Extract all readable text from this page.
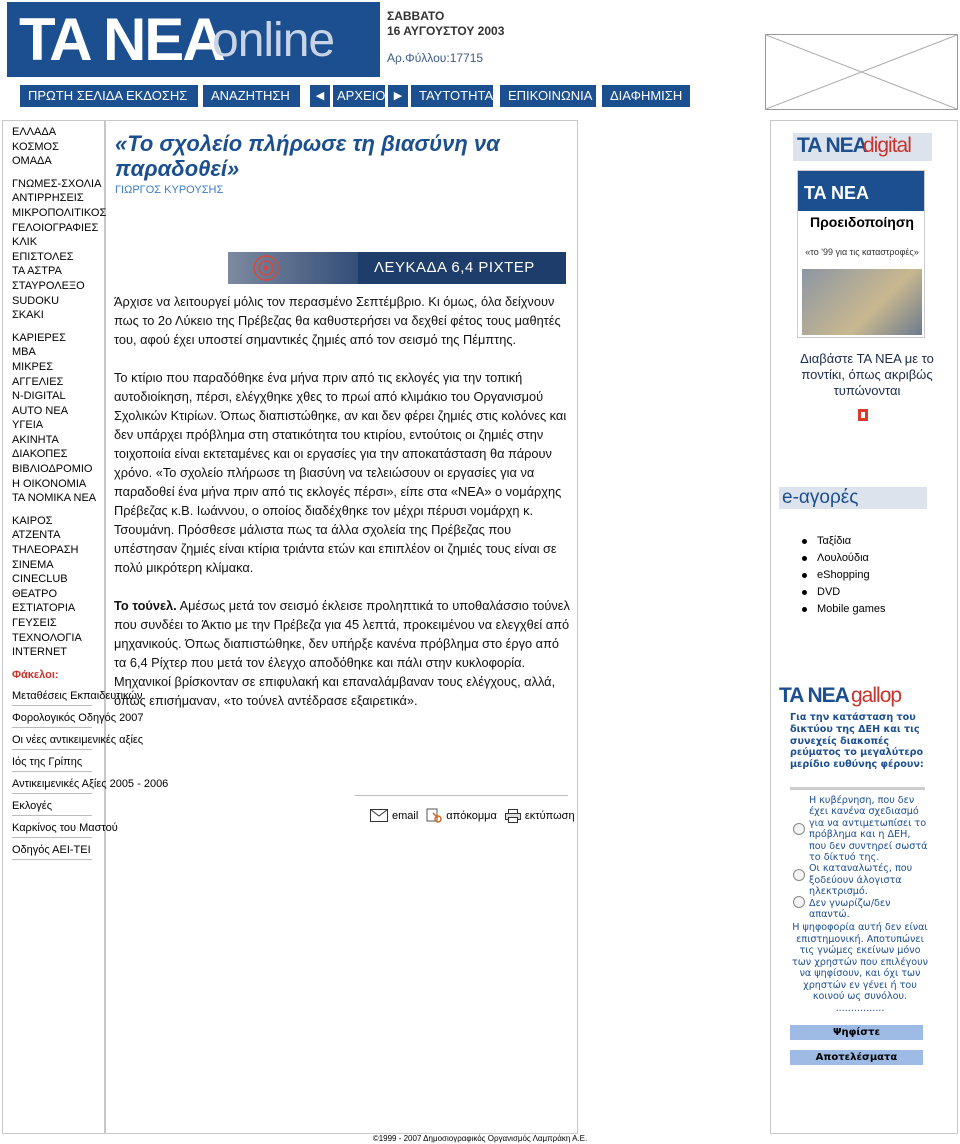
TA NEA
online	ΣΑΒΒΑΤΟ
16 ΑΥΓΟΥΣΤΟΥ 2003
Αρ.Φύλλου:17715
ΠΡΩΤΗ ΣΕΛΙΔΑ ΕΚΔΟΣΗΣ	ΑΝΑΖΗΤΗΣΗ	◀ ΑΡΧΕΙΟ ▶	ΤΑΥΤΟΤΗΤΑ	ΕΠΙΚΟΙΝΩΝΙΑ	ΔΙΑΦΗΜΙΣΗ
ΕΛΛΑΔΑ
ΚΟΣΜΟΣ
ΟΜΑΔΑ
ΓΝΩΜΕΣ-ΣΧΟΛΙΑ
ΑΝΤΙΡΡΗΣΕΙΣ
ΜΙΚΡΟΠΟΛΙΤΙΚΟΣ
ΓΕΛΟΙΟΓΡΑΦΙΕΣ
ΚΛΙΚ
ΕΠΙΣΤΟΛΕΣ
ΤΑ ΑΣΤΡΑ
ΣΤΑΥΡΟΛΕΞΟ
SUDOKU
ΣΚΑΚΙ
ΚΑΡΙΕΡΕΣ
MBA
ΜΙΚΡΕΣ
ΑΓΓΕΛΙΕΣ
N-DIGITAL
AUTO NEA
ΥΓΕΙΑ
ΑΚΙΝΗΤΑ
ΔΙΑΚΟΠΕΣ
ΒΙΒΛΙΟΔΡΟΜΙΟ
Η ΟΙΚΟΝΟΜΙΑ
ΤΑ ΝΟΜΙΚΑ ΝΕΑ
ΚΑΙΡΟΣ
ΑΤΖΕΝΤΑ
ΤΗΛΕΟΡΑΣΗ
ΣΙΝΕΜΑ
CINECLUB
ΘΕΑΤΡΟ
ΕΣΤΙΑΤΟΡΙΑ
ΓΕΥΣΕΙΣ
ΤΕΧΝΟΛΟΓΙΑ
INTERNET
Φάκελοι:
Μεταθέσεις Εκπαιδευτικών
Φορολογικός Οδηγός 2007
Οι νέες αντικειμενικές αξίες
Ιός της Γρίπης
Αντικειμενικές Αξίες 2005 - 2006
Εκλογές
Καρκίνος του Μαστού
Οδηγός ΑΕΙ-ΤΕΙ
«Το σχολείο πλήρωσε τη βιασύνη να παραδοθεί»
ΓΙΩΡΓΟΣ ΚΥΡΟΥΣΗΣ
ΛΕΥΚΑΔΑ 6,4 ΡΙΧΤΕΡ

Άρχισε να λειτουργεί μόλις τον περασμένο Σεπτέμβριο. Κι όμως, όλα δείχνουν πως το 2ο Λύκειο της Πρέβεζας θα καθυστερήσει να δεχθεί φέτος τους μαθητές του, αφού έχει υποστεί σημαντικές ζημιές από τον σεισμό της Πέμπτης.

Το κτίριο που παραδόθηκε ένα μήνα πριν από τις εκλογές για την τοπική αυτοδιοίκηση, πέρσι, ελέγχθηκε χθες το πρωί από κλιμάκιο του Οργανισμού Σχολικών Κτιρίων. Όπως διαπιστώθηκε, αν και δεν φέρει ζημιές στις κολόνες και δεν υπάρχει πρόβλημα στη στατικότητα του κτιρίου, εντούτοις οι ζημιές στην τοιχοποιία είναι εκτεταμένες και οι εργασίες για την αποκατάσταση θα πάρουν χρόνο. «Το σχολείο πλήρωσε τη βιασύνη να τελειώσουν οι εργασίες για να παραδοθεί ένα μήνα πριν από τις εκλογές πέρσι», είπε στα «ΝΕΑ» ο νομάρχης Πρέβεζας κ.Β. Ιωάννου, ο οποίος διαδέχθηκε τον μέχρι πέρυσι νομάρχη κ. Τσουμάνη. Πρόσθεσε μάλιστα πως τα άλλα σχολεία της Πρέβεζας που υπέστησαν ζημιές είναι κτίρια τριάντα ετών και επιπλέον οι ζημιές τους είναι σε πολύ μικρότερη κλίμακα.

Το τούνελ. Αμέσως μετά τον σεισμό έκλεισε προληπτικά το υποθαλάσσιο τούνελ που συνδέει το Άκτιο με την Πρέβεζα για 45 λεπτά, προκειμένου να ελεγχθεί από μηχανικούς. Όπως διαπιστώθηκε, δεν υπήρξε κανένα πρόβλημα στο έργο από τα 6,4 Ρίχτερ που μετά τον έλεγχο αποδόθηκε και πάλι στην κυκλοφορία. Μηχανικοί βρίσκονταν σε επιφυλακή και επαναλάμβαναν τους ελέγχους, αλλά, όπως επισήμαναν, «το τούνελ αντέδρασε εξαιρετικά».

email	απόκομμα	εκτύπωση
TA NEA
digital
TA NEA
Προειδοποίηση
«το '99 για τις καταστροφές»
Διαβάστε ΤΑ ΝΕΑ με το ποντίκι, όπως ακριβώς τυπώνονται
e-αγορές
Ταξίδια
Λουλούδια
eShopping
DVD
Mobile games
TA NEA gallop
Για την κατάσταση του δικτύου της ΔΕΗ και τις συνεχείς διακοπές ρεύματος το μεγαλύτερο μερίδιο ευθύνης φέρουν:
Η κυβέρνηση, που δεν έχει κανένα σχεδιασμό για να αντιμετωπίσει το πρόβλημα και η ΔΕΗ, που δεν συντηρεί σωστά το δίκτυό της.
Οι καταναλωτές, που ξοδεύουν άλογιστα ηλεκτρισμό.
Δεν γνωρίζω/δεν απαντώ.
Η ψηφοφορία αυτή δεν είναι επιστημονική. Αποτυπώνει τις γνώμες εκείνων μόνο των χρηστών που επιλέγουν να ψηφίσουν, και όχι των χρηστών εν γένει ή του κοινού ως συνόλου.
................
Ψηφίστε
Αποτελέσματα
©1999 - 2007 Δημοσιογραφικός Οργανισμός Λαμπράκη Α.Ε.
